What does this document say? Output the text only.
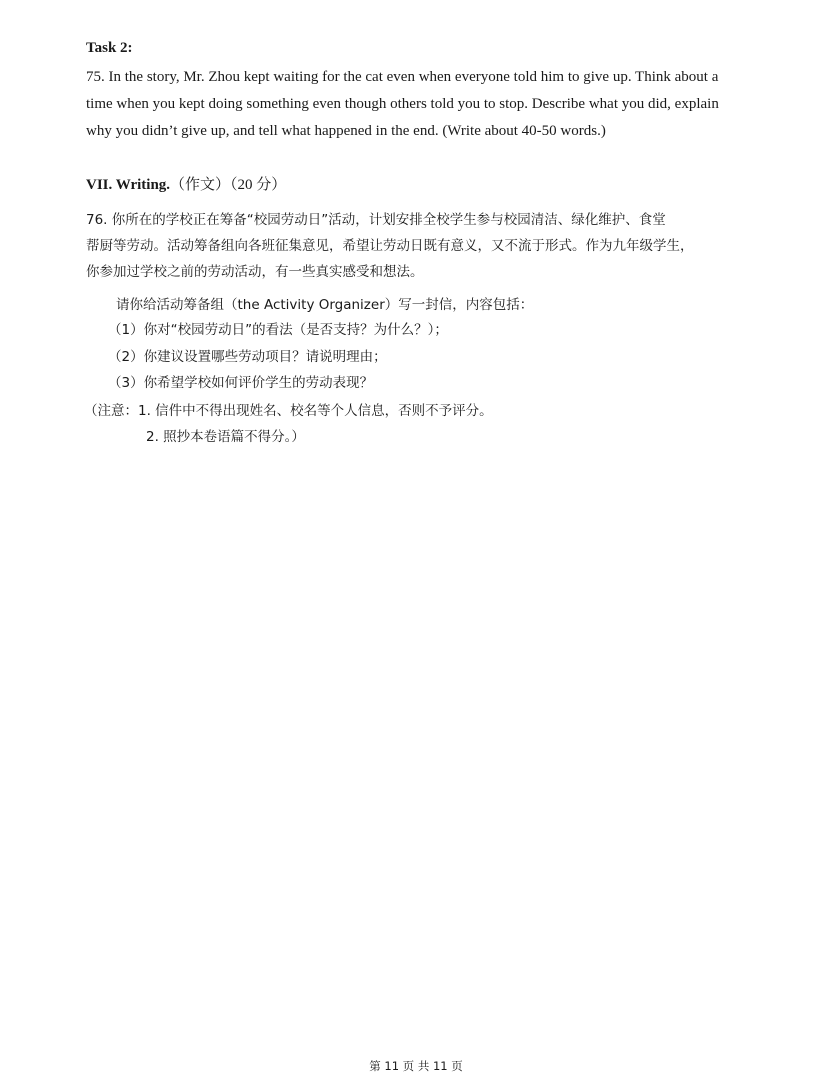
Task 2:
75. In the story, Mr. Zhou kept waiting for the cat even when everyone told him to give up. Think about a
time when you kept doing something even though others told you to stop. Describe what you did, explain
why you didn’t give up, and tell what happened in the end. (Write about 40-50 words.)
VII. Writing.（作文）（20 分）
76. 你所在的学校正在筹备“校园劳动日”活动，计划安排全校学生参与校园清洁、绿化维护、食堂
帮厨等劳动。活动筹备组向各班征集意见，希望让劳动日既有意义，又不流于形式。作为九年级学生，
你参加过学校之前的劳动活动，有一些真实感受和想法。
请你给活动筹备组（the Activity Organizer）写一封信，内容包括：
（1）你对“校园劳动日”的看法（是否支持？为什么？）；
（2）你建议设置哪些劳动项目？请说明理由；
（3）你希望学校如何评价学生的劳动表现？
（注意：1. 信件中不得出现姓名、校名等个人信息，否则不予评分。
2. 照抄本卷语篇不得分。）
第 11 页 共 11 页
